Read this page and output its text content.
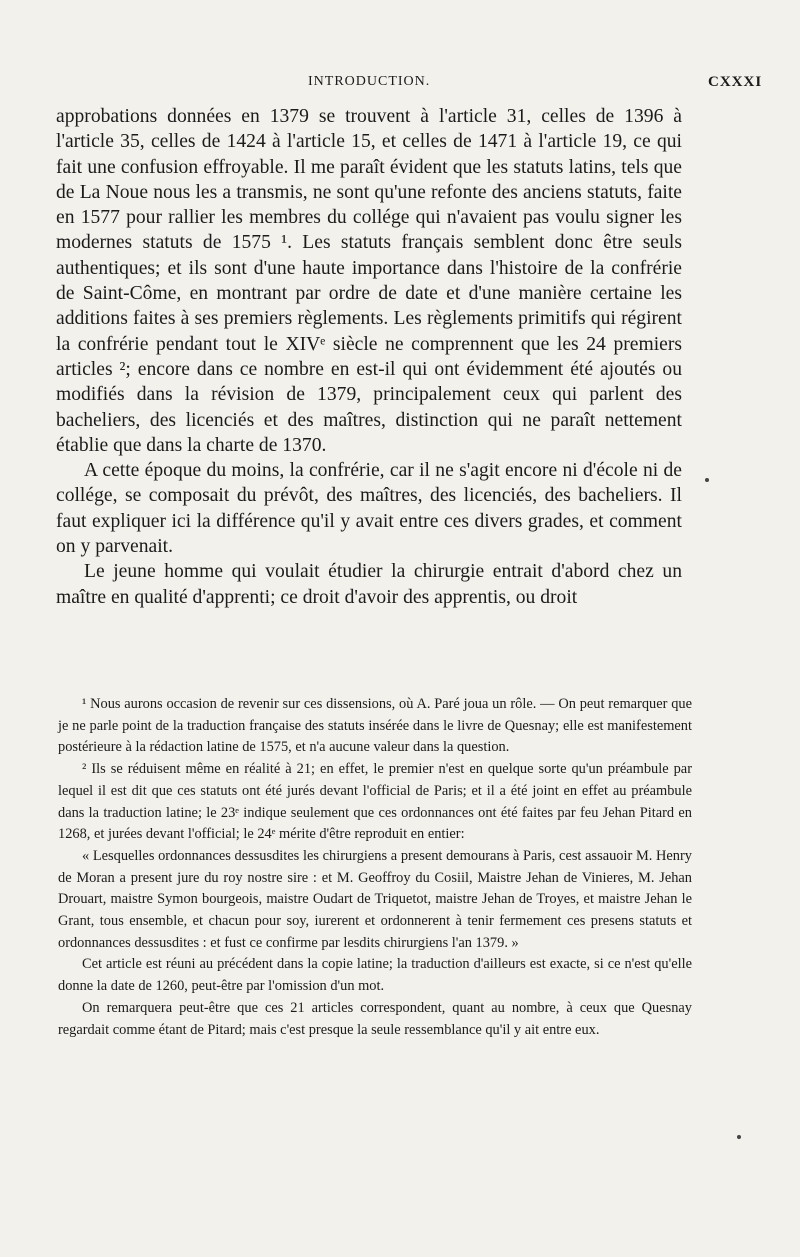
INTRODUCTION.	CXXXI

approbations données en 1379 se trouvent à l'article 31, celles de 1396 à l'article 35, celles de 1424 à l'article 15, et celles de 1471 à l'article 19, ce qui fait une confusion effroyable. Il me paraît évident que les statuts latins, tels que de La Noue nous les a transmis, ne sont qu'une refonte des anciens statuts, faite en 1577 pour rallier les membres du collége qui n'avaient pas voulu signer les modernes statuts de 1575 ¹. Les statuts français semblent donc être seuls authentiques; et ils sont d'une haute importance dans l'histoire de la confrérie de Saint-Côme, en montrant par ordre de date et d'une manière certaine les additions faites à ses premiers règlements. Les règlements primitifs qui régirent la confrérie pendant tout le XIVᵉ siècle ne comprennent que les 24 premiers articles ²; encore dans ce nombre en est-il qui ont évidemment été ajoutés ou modifiés dans la révision de 1379, principalement ceux qui parlent des bacheliers, des licenciés et des maîtres, distinction qui ne paraît nettement établie que dans la charte de 1370.

A cette époque du moins, la confrérie, car il ne s'agit encore ni d'école ni de collége, se composait du prévôt, des maîtres, des licenciés, des bacheliers. Il faut expliquer ici la différence qu'il y avait entre ces divers grades, et comment on y parvenait.

Le jeune homme qui voulait étudier la chirurgie entrait d'abord chez un maître en qualité d'apprenti; ce droit d'avoir des apprentis, ou droit

¹ Nous aurons occasion de revenir sur ces dissensions, où A. Paré joua un rôle. — On peut remarquer que je ne parle point de la traduction française des statuts insérée dans le livre de Quesnay; elle est manifestement postérieure à la rédaction latine de 1575, et n'a aucune valeur dans la question.

² Ils se réduisent même en réalité à 21; en effet, le premier n'est en quelque sorte qu'un préambule par lequel il est dit que ces statuts ont été jurés devant l'official de Paris; et il a été joint en effet au préambule dans la traduction latine; le 23ᵉ indique seulement que ces ordonnances ont été faites par feu Jehan Pitard en 1268, et jurées devant l'official; le 24ᵉ mérite d'être reproduit en entier:

« Lesquelles ordonnances dessusdites les chirurgiens a present demourans à Paris, cest assauoir M. Henry de Moran a present jure du roy nostre sire : et M. Geoffroy du Cosiil, Maistre Jehan de Vinieres, M. Jehan Drouart, maistre Symon bourgeois, maistre Oudart de Triquetot, maistre Jehan de Troyes, et maistre Jehan le Grant, tous ensemble, et chacun pour soy, iurerent et ordonnerent à tenir fermement ces presens statuts et ordonnances dessusdites : et fust ce confirme par lesdits chirurgiens l'an 1379. »

Cet article est réuni au précédent dans la copie latine; la traduction d'ailleurs est exacte, si ce n'est qu'elle donne la date de 1260, peut-être par l'omission d'un mot.

On remarquera peut-être que ces 21 articles correspondent, quant au nombre, à ceux que Quesnay regardait comme étant de Pitard; mais c'est presque la seule ressemblance qu'il y ait entre eux.
